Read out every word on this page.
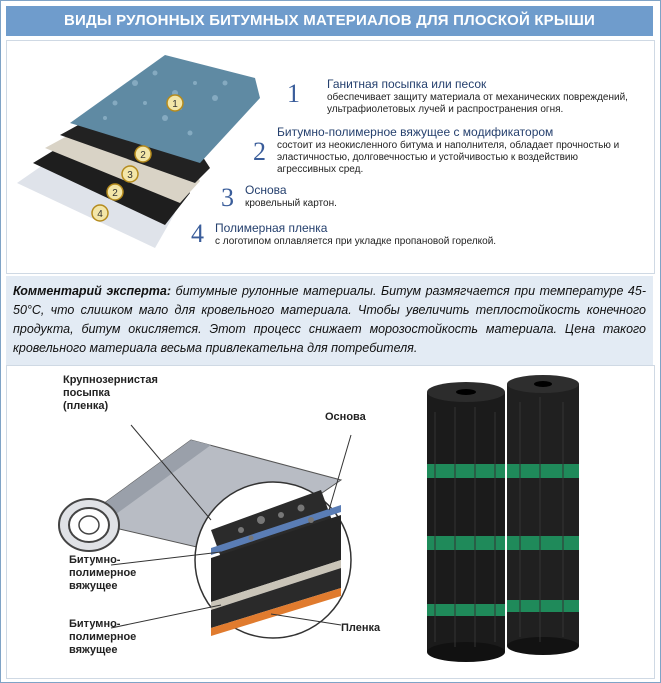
ВИДЫ РУЛОННЫХ БИТУМНЫХ МАТЕРИАЛОВ ДЛЯ ПЛОСКОЙ КРЫШИ
1
2
3
2
4
1 Ганитная посыпка или песок
обеспечивает защиту материала от механических повреждений, ультрафиолетовых лучей и распространения огня.
2
Битумно-полимерное вяжущее с модификатором
состоит из неокисленного битума и наполнителя, обладает прочностью и эластичностью, долговечностью и устойчивостью к воздействию агрессивных сред.
3 Основа
кровельный картон.
4 Полимерная пленка
с логотипом оплавляется при укладке пропановой горелкой.
Комментарий эксперта: битумные рулонные материалы. Битум размягчается при температуре 45-50°С, что слишком мало для кровельного материала. Чтобы увеличить теплостойкость конечного продукта, битум окисляется. Этот процесс снижает морозостойкость материала. Цена такого кровельного материала весьма привлекательна для потребителя.
Крупнозернистая
посыпка
(пленка)
Основа
Битумно-
полимерное
вяжущее
Битумно-
полимерное
вяжущее
Пленка
